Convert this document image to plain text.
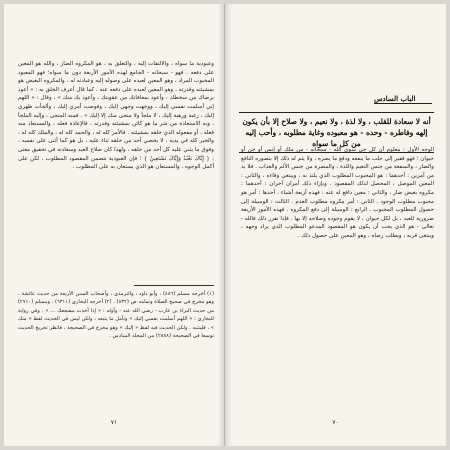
وعبودية ما سواه ، والالتفات إليه ، والتعلق به ، هو المكروه الضار ، والله هو المعين على دفعه . فهو - سبحانه - الجامع لهذه الأمور الأربعة دون ما سواه؛ فهو المعبود المحبوب المراد ، وهو المعين لعبده على وصوله إليه وعبادته له ، والمكروه البغيض هو بمشيئته وقدرته ، وهو المعين لعبده على دفعه عنه . كما قال أعرف الخلق به : « أعوذ برضاك من سخطك ، وأعوذ بمعافاتك من عقوبتك ، وأعوذ بك منك » ، وقال : « اللهم إني أسلمت نفسي إليك ، ووجهت وجهي إليك ، وفوضت أمري إليك ، وألجأت ظهري إليك ، رغبة ورهبة إليك ، لا ملجأ ولا منجى منك إلا إليك » . فمنه المنجى ، وإليه الملجأ ، وبه الاستعاذة من شر ما هو كائن بمشيئته وقدرته ، فالإعاذة فعله ، والمستعاذ منه فعله ، أو مفعوله الذي خلقه بمشيئته . فالأمر كله له ، والحمد كله له ، والملك كله له ، والخير كله في يديه ، لا يحصي أحد من خلقه ثناء عليه ، بل هو كما أثنى على نفسه ، وفوق ما يثني عليه كل أحد من خلقه ، ولهذا كان صلاح العبد وسعادته في تحقيق معنى : { إِيَّاكَ نَعْبُدُ وَإِيَّاكَ نَسْتَعِينُ } ؛ فإن العبودية تتضمن المقصود المطلوب ، لكن على أكمل الوجوه ، والمستعان هو الذي يستعان به على المطلوب .

(١) أخرجه مسلم (٤٨٦) ، وأبو داود ، والترمذي ، وأصحاب السنن الأربعة من حديث عائشة ، وهو مخرج في صحيح الصلاة وتمامه ص (٨٣٢) . (٢) أخرجه البخاري (٦٣١١) ، ومسلم (٢٧١٠) من حديث البراء بن عازب - رضي الله عنه - وأوله : « إذا أخذت مضجعك ... » . وفي رواية للبخاري : « اللهم أسلمت نفسي إليك » وتأمل ما يتبعه ، ولكن ليس في الحديث لفظ « منك » ، فليتنبه . ولكن الحديث فيه لفظ « إليك » وهو مخرج في الصحيحة ، فانظر تخريج الحديث توسعا في الصحيحة (٢٨٨٨) من المجلد السادس .

٧١
الباب السادس
أنه لا سعادة للقلب ، ولا لذة ، ولا نعيم ، ولا صلاح إلا بأن يكون إلهه وفاطره - وحده - هو معبوده وغاية مطلوبه ، وأحب إليه من كل ما سواه

الوجه الأول : معلوم أن كل حي سوى الله - سبحانه - من ملك أو إنس أو جن أو حيوان ؛ فهو فقير إلى جلب ما ينفعه ودفع ما يضره ، ولا يتم له ذلك إلا بتصوره النافع والضار ، والمنفعة من جنس النعيم واللذة ، والمضرة من جنس الألم والعذاب . فلا بد من أمرين : أحدهما : هو المحبوب المطلوب الذي يلتذ به ، ويبتغي وقاءه ، والثاني : المعين الموصل ، المحصل لذلك المقصود . وبإزاء ذلك أمران آخران : أحدهما : مكروه بغيض ضار ، والثاني : معين دافع له عنه ، فهذه أربعة أشياء . أحدها : أمر هو محبوب مطلوب الوجود . الثاني : أمر مكروه مطلوب العدم . الثالث : الوسيلة إلى حصول المطلوب المحبوب . الرابع : الوسيلة إلى دفع المكروه . فهذه الأمور الأربعة ضرورية للعبد ، بل لكل حيوان ، لا يقوم وجوده وصلاحه إلا بها . فإذا تقرر ذلك فالله - تعالى - هو الذي يجب أن يكون هو المقصود المدعو المطلوب الذي يراد وجهه ، ويبتغى قربه ، ويطلب رضاه ، وهو المعين على حصول ذلك .

٧٠
